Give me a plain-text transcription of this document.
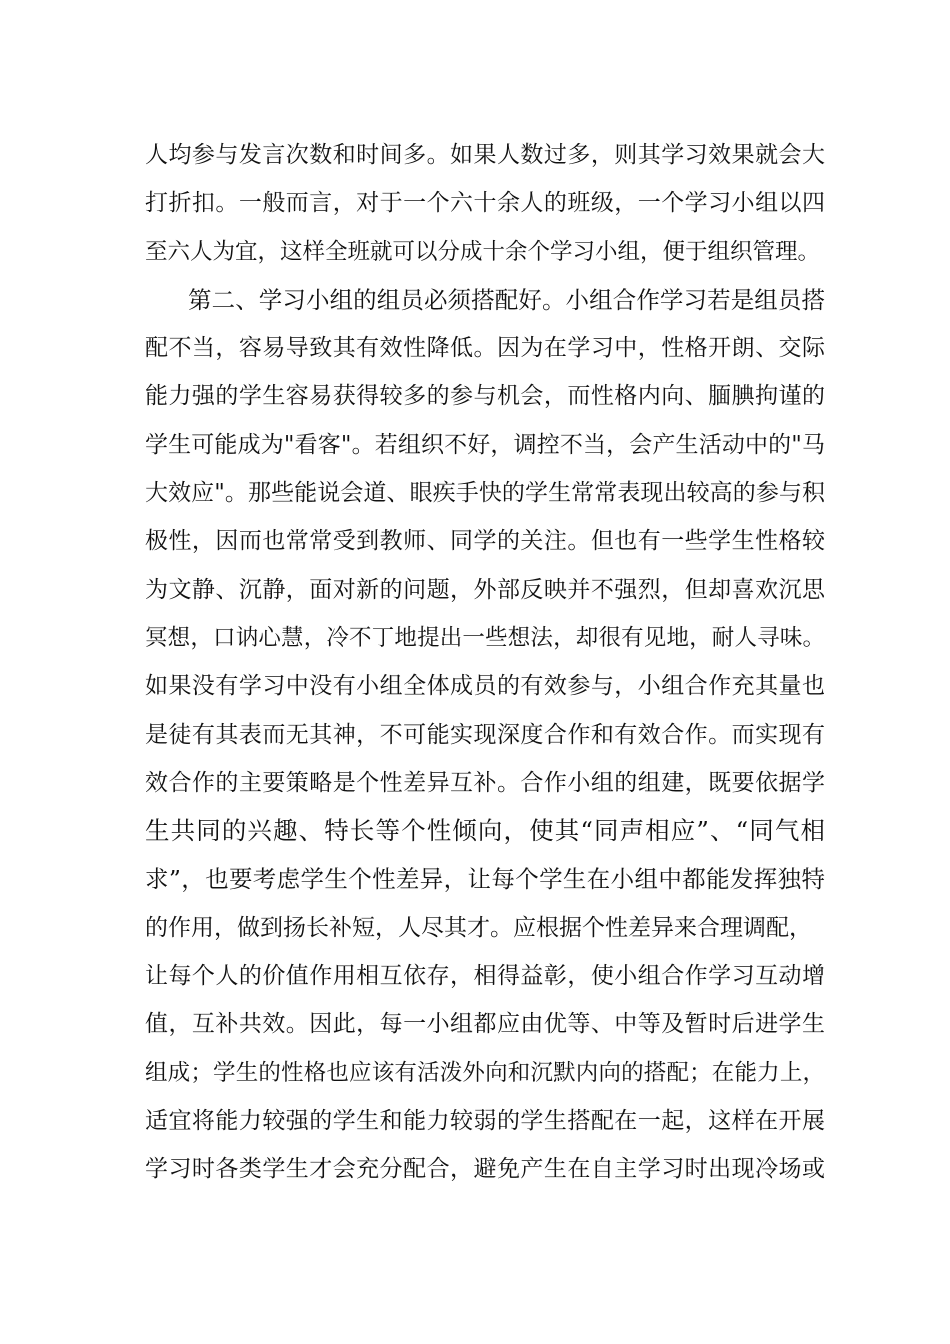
人均参与发言次数和时间多。如果人数过多，则其学习效果就会大
打折扣。一般而言，对于一个六十余人的班级，一个学习小组以四
至六人为宜，这样全班就可以分成十余个学习小组，便于组织管理。
第二、学习小组的组员必须搭配好。小组合作学习若是组员搭
配不当，容易导致其有效性降低。因为在学习中，性格开朗、交际
能力强的学生容易获得较多的参与机会，而性格内向、腼腆拘谨的
学生可能成为"看客"。若组织不好，调控不当，会产生活动中的"马
大效应"。那些能说会道、眼疾手快的学生常常表现出较高的参与积
极性，因而也常常受到教师、同学的关注。但也有一些学生性格较
为文静、沉静，面对新的问题，外部反映并不强烈，但却喜欢沉思
冥想，口讷心慧，冷不丁地提出一些想法，却很有见地，耐人寻味。
如果没有学习中没有小组全体成员的有效参与，小组合作充其量也
是徒有其表而无其神，不可能实现深度合作和有效合作。而实现有
效合作的主要策略是个性差异互补。合作小组的组建，既要依据学
生共同的兴趣、特长等个性倾向，使其“同声相应”、“同气相
求”，也要考虑学生个性差异，让每个学生在小组中都能发挥独特
的作用，做到扬长补短，人尽其才。应根据个性差异来合理调配，
让每个人的价值作用相互依存，相得益彰，使小组合作学习互动增
值，互补共效。因此，每一小组都应由优等、中等及暂时后进学生
组成；学生的性格也应该有活泼外向和沉默内向的搭配；在能力上，
适宜将能力较强的学生和能力较弱的学生搭配在一起，这样在开展
学习时各类学生才会充分配合，避免产生在自主学习时出现冷场或
